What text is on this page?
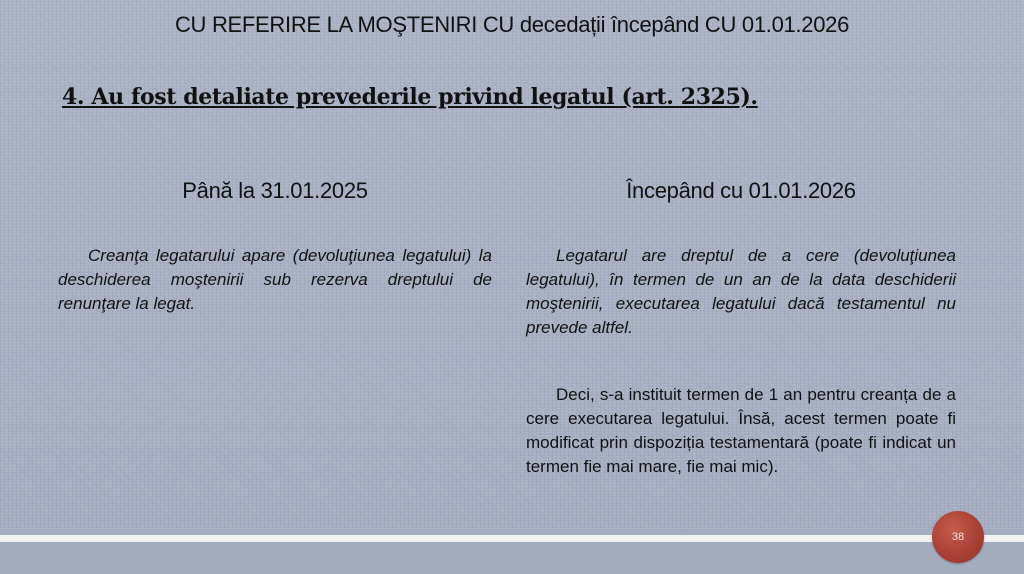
CU REFERIRE LA MOŞTENIRI CU decedații începând CU 01.01.2026
4. Au fost detaliate prevederile privind legatul (art. 2325).
Până la 31.01.2025	Începând cu 01.01.2026
Creanţa legatarului apare (devoluţiunea legatului) la deschiderea moştenirii sub rezerva dreptului de renunţare la legat.
Legatarul are dreptul de a cere (devoluţiunea legatului), în termen de un an de la data deschiderii moştenirii, executarea legatului dacă testamentul nu prevede altfel.
Deci, s-a instituit termen de 1 an pentru creanța de a cere executarea legatului. Însă, acest termen poate fi modificat prin dispoziția testamentară (poate fi indicat un termen fie mai mare, fie mai mic).
38
